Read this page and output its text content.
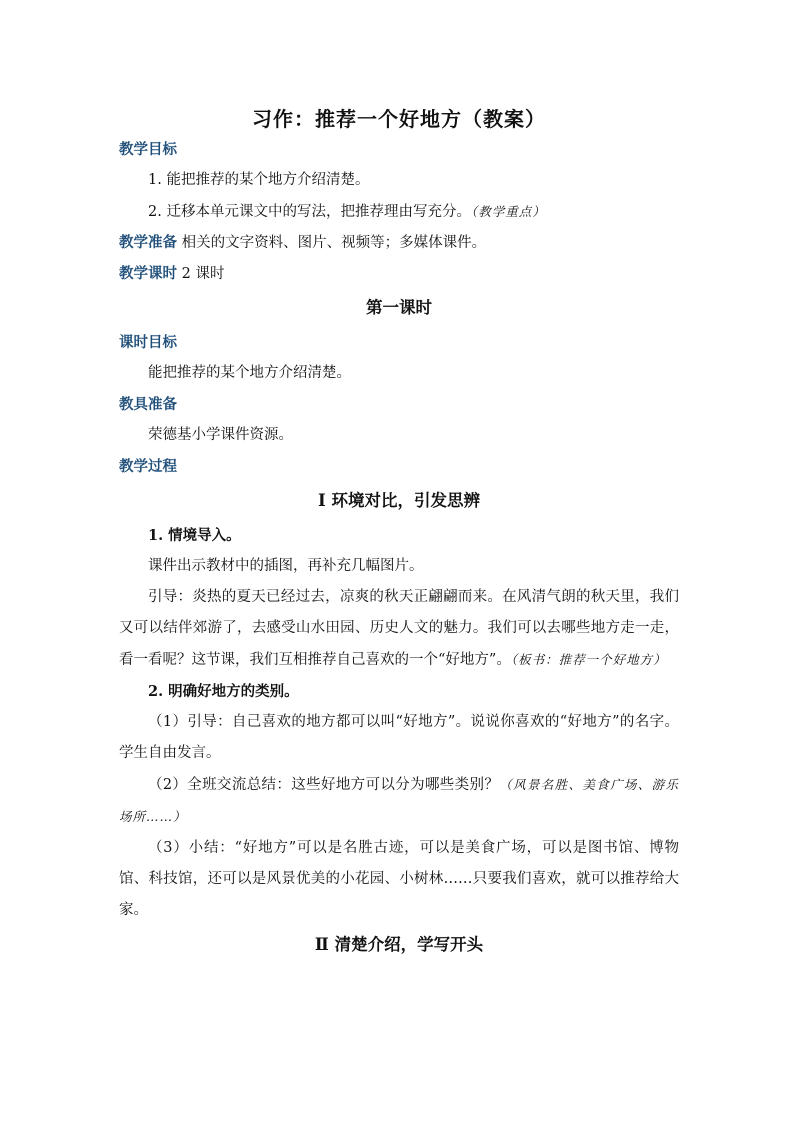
习作：推荐一个好地方（教案）
教学目标
1. 能把推荐的某个地方介绍清楚。
2. 迁移本单元课文中的写法，把推荐理由写充分。（教学重点）
教学准备 相关的文字资料、图片、视频等；多媒体课件。
教学课时 2 课时
第一课时
课时目标
能把推荐的某个地方介绍清楚。
教具准备
荣德基小学课件资源。
教学过程
Ⅰ 环境对比，引发思辨
1. 情境导入。
课件出示教材中的插图，再补充几幅图片。

引导：炎热的夏天已经过去，凉爽的秋天正翩翩而来。在风清气朗的秋天里，我们又可以结伴郊游了，去感受山水田园、历史人文的魅力。我们可以去哪些地方走一走，看一看呢？这节课，我们互相推荐自己喜欢的一个“好地方”。（板书：推荐一个好地方）

2. 明确好地方的类别。

（1）引导：自己喜欢的地方都可以叫“好地方”。说说你喜欢的“好地方”的名字。学生自由发言。

（2）全班交流总结：这些好地方可以分为哪些类别？（风景名胜、美食广场、游乐场所……）

（3）小结：“好地方”可以是名胜古迹，可以是美食广场，可以是图书馆、博物馆、科技馆，还可以是风景优美的小花园、小树林……只要我们喜欢，就可以推荐给大家。

Ⅱ 清楚介绍，学写开头
